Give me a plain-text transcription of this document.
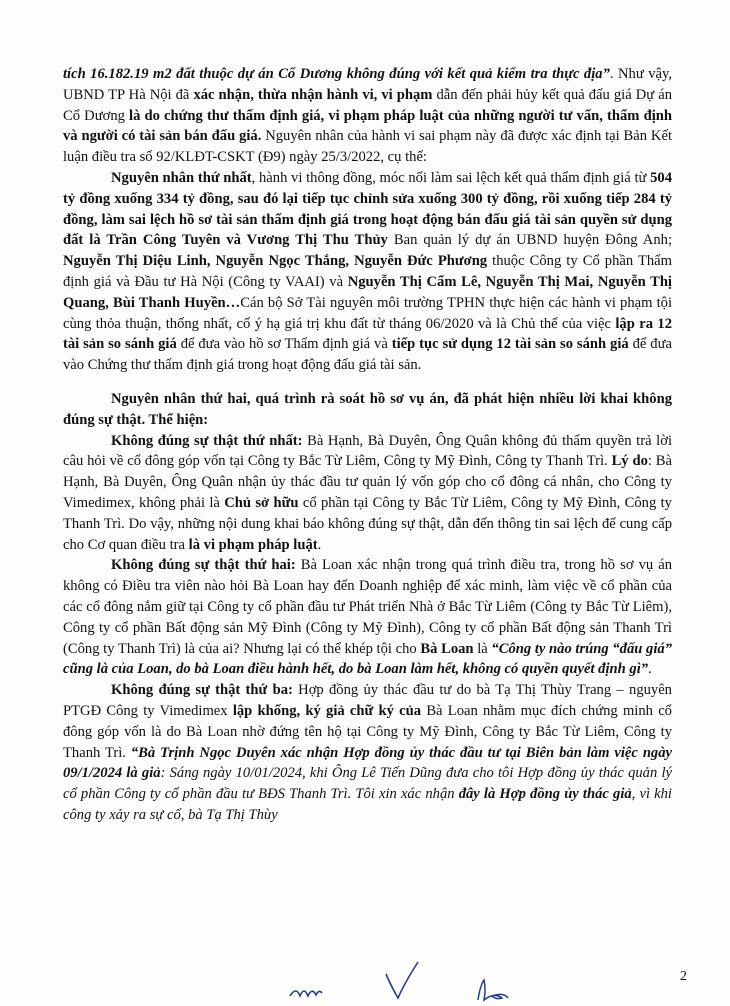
tích 16.182.19 m2 đất thuộc dự án Cổ Dương không đúng với kết quả kiểm tra thực địa”. Như vậy, UBND TP Hà Nội đã xác nhận, thừa nhận hành vi, vi phạm dẫn đến phải hủy kết quả đấu giá Dự án Cổ Dương là do chứng thư thẩm định giá, vi phạm pháp luật của những người tư vấn, thẩm định và người có tài sản bán đấu giá. Nguyên nhân của hành vi sai phạm này đã được xác định tại Bản Kết luận điều tra số 92/KLĐT-CSKT (Đ9) ngày 25/3/2022, cụ thể:

Nguyên nhân thứ nhất, hành vi thông đồng, móc nối làm sai lệch kết quả thẩm định giá từ 504 tỷ đồng xuống 334 tỷ đồng, sau đó lại tiếp tục chỉnh sửa xuống 300 tỷ đồng, rồi xuống tiếp 284 tỷ đồng, làm sai lệch hồ sơ tài sản thẩm định giá trong hoạt động bán đấu giá tài sản quyền sử dụng đất là Trần Công Tuyên và Vương Thị Thu Thủy Ban quản lý dự án UBND huyện Đông Anh; Nguyễn Thị Diệu Linh, Nguyễn Ngọc Thắng, Nguyễn Đức Phương thuộc Công ty Cổ phần Thẩm định giá và Đầu tư Hà Nội (Công ty VAAI) và Nguyễn Thị Cẩm Lê, Nguyễn Thị Mai, Nguyễn Thị Quang, Bùi Thanh Huyền…Cán bộ Sở Tài nguyên môi trường TPHN thực hiện các hành vi phạm tội cùng thỏa thuận, thống nhất, cố ý hạ giá trị khu đất từ tháng 06/2020 và là Chủ thể của việc lập ra 12 tài sản so sánh giá để đưa vào hồ sơ Thẩm định giá và tiếp tục sử dụng 12 tài sản so sánh giá để đưa vào Chứng thư thẩm định giá trong hoạt động đấu giá tài sản.

Nguyên nhân thứ hai, quá trình rà soát hồ sơ vụ án, đã phát hiện nhiều lời khai không đúng sự thật. Thể hiện:

Không đúng sự thật thứ nhất: Bà Hạnh, Bà Duyên, Ông Quân không đủ thẩm quyền trả lời câu hỏi về cổ đông góp vốn tại Công ty Bắc Từ Liêm, Công ty Mỹ Đình, Công ty Thanh Trì. Lý do: Bà Hạnh, Bà Duyên, Ông Quân nhận ủy thác đầu tư quản lý vốn góp cho cổ đông cá nhân, cho Công ty Vimedimex, không phải là Chủ sở hữu cổ phần tại Công ty Bắc Từ Liêm, Công ty Mỹ Đình, Công ty Thanh Trì. Do vậy, những nội dung khai báo không đúng sự thật, dẫn đến thông tin sai lệch để cung cấp cho Cơ quan điều tra là vi phạm pháp luật.

Không đúng sự thật thứ hai: Bà Loan xác nhận trong quá trình điều tra, trong hồ sơ vụ án không có Điều tra viên nào hỏi Bà Loan hay đến Doanh nghiệp để xác minh, làm việc về cổ phần của các cổ đông nắm giữ tại Công ty cổ phần đầu tư Phát triển Nhà ở Bắc Từ Liêm (Công ty Bắc Từ Liêm), Công ty cổ phần Bất động sản Mỹ Đình (Công ty Mỹ Đình), Công ty cổ phần Bất động sản Thanh Trì (Công ty Thanh Trì) là của ai? Nhưng lại có thể khép tội cho Bà Loan là “Công ty nào trúng “đấu giá” cũng là của Loan, do bà Loan điều hành hết, do bà Loan làm hết, không có quyền quyết định gì”.

Không đúng sự thật thứ ba: Hợp đồng ủy thác đầu tư do bà Tạ Thị Thùy Trang – nguyên PTGĐ Công ty Vimedimex lập khống, ký giả chữ ký của Bà Loan nhằm mục đích chứng minh cổ đông góp vốn là do Bà Loan nhờ đứng tên hộ tại Công ty Mỹ Đình, Công ty Bắc Từ Liêm, Công ty Thanh Trì. “Bà Trịnh Ngọc Duyên xác nhận Hợp đồng ủy thác đầu tư tại Biên bản làm việc ngày 09/1/2024 là giả: Sáng ngày 10/01/2024, khi Ông Lê Tiến Dũng đưa cho tôi Hợp đồng ủy thác quản lý cổ phần Công ty cổ phần đầu tư BĐS Thanh Trì. Tôi xin xác nhận đây là Hợp đồng ủy thác giả, vì khi công ty xảy ra sự cố, bà Tạ Thị Thùy

2
